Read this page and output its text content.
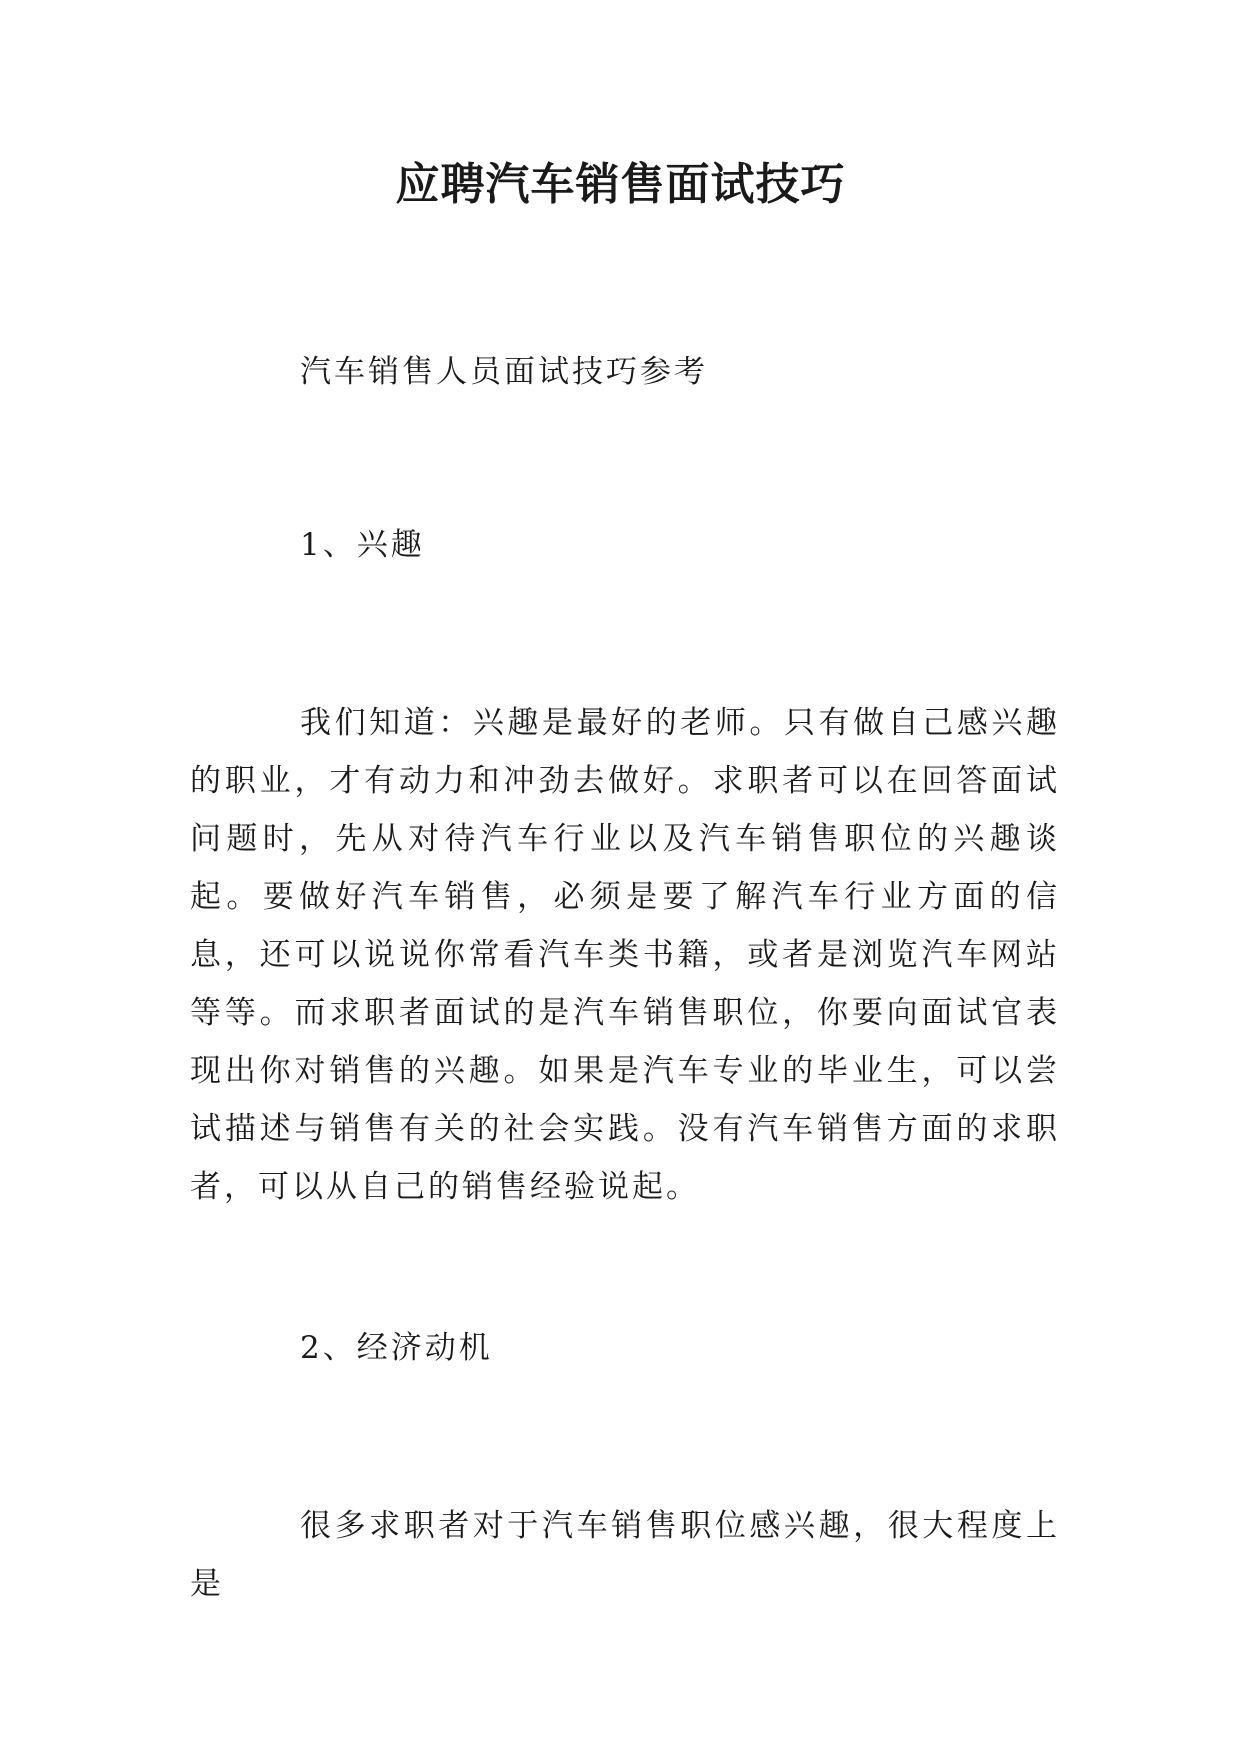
应聘汽车销售面试技巧

汽车销售人员面试技巧参考

1、兴趣

我们知道：兴趣是最好的老师。只有做自己感兴趣的职业，才有动力和冲劲去做好。求职者可以在回答面试问题时，先从对待汽车行业以及汽车销售职位的兴趣谈起。要做好汽车销售，必须是要了解汽车行业方面的信息，还可以说说你常看汽车类书籍，或者是浏览汽车网站等等。而求职者面试的是汽车销售职位，你要向面试官表现出你对销售的兴趣。如果是汽车专业的毕业生，可以尝试描述与销售有关的社会实践。没有汽车销售方面的求职者，可以从自己的销售经验说起。

2、经济动机

很多求职者对于汽车销售职位感兴趣，很大程度上是
